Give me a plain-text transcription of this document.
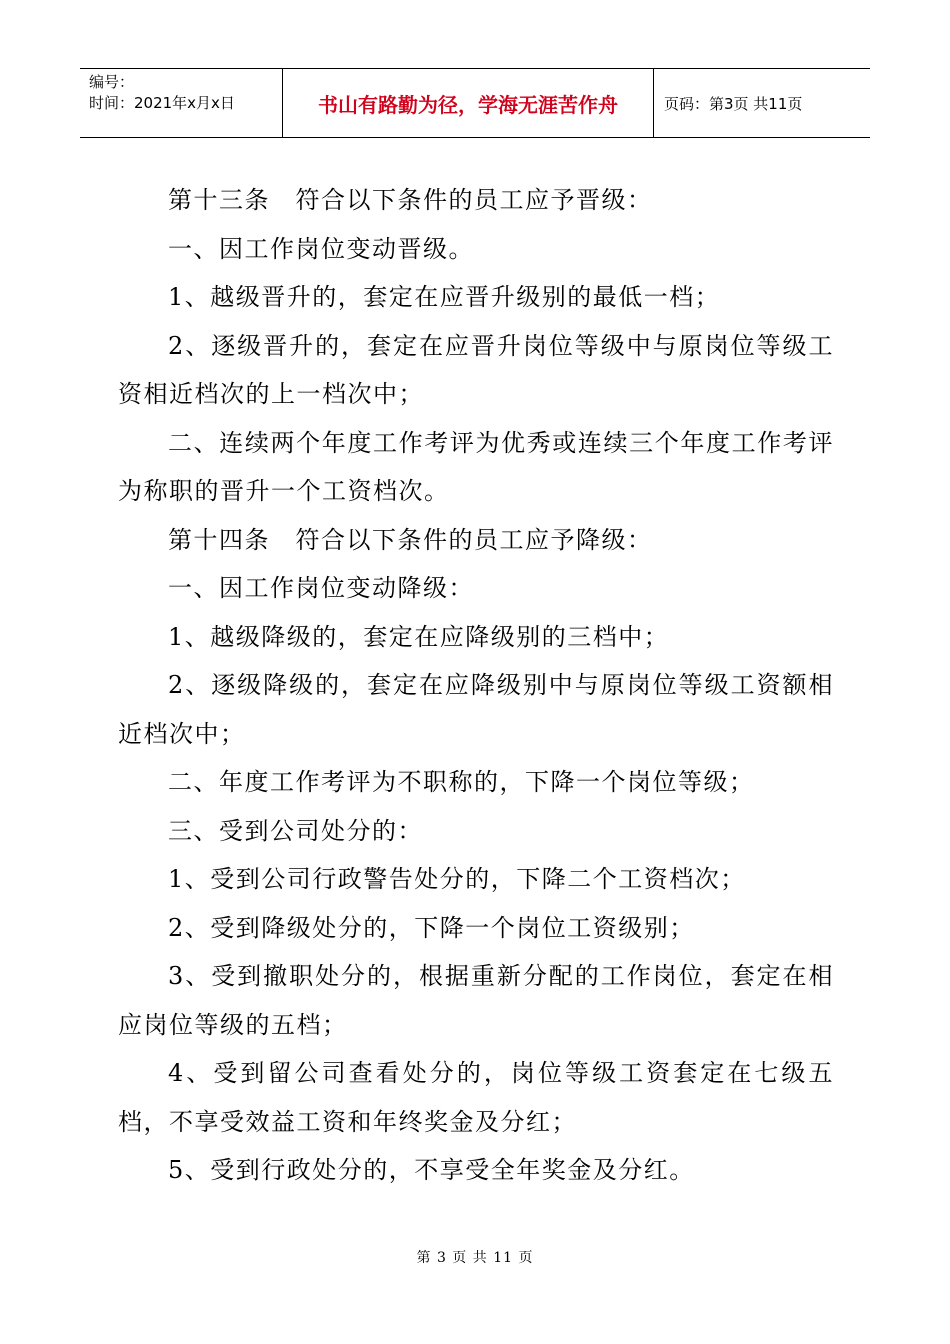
编号：
时间：2021年x月x日	书山有路勤为径，学海无涯苦作舟	页码：第3页 共11页

第十三条　符合以下条件的员工应予晋级：

一、因工作岗位变动晋级。

1、越级晋升的，套定在应晋升级别的最低一档；

2、逐级晋升的，套定在应晋升岗位等级中与原岗位等级工资相近档次的上一档次中；

二、连续两个年度工作考评为优秀或连续三个年度工作考评为称职的晋升一个工资档次。

第十四条　符合以下条件的员工应予降级：

一、因工作岗位变动降级：

1、越级降级的，套定在应降级别的三档中；

2、逐级降级的，套定在应降级别中与原岗位等级工资额相近档次中；

二、年度工作考评为不职称的，下降一个岗位等级；

三、受到公司处分的：

1、受到公司行政警告处分的，下降二个工资档次；

2、受到降级处分的，下降一个岗位工资级别；

3、受到撤职处分的，根据重新分配的工作岗位，套定在相应岗位等级的五档；

4、受到留公司查看处分的，岗位等级工资套定在七级五档，不享受效益工资和年终奖金及分红；

5、受到行政处分的，不享受全年奖金及分红。

第 3 页 共 11 页
